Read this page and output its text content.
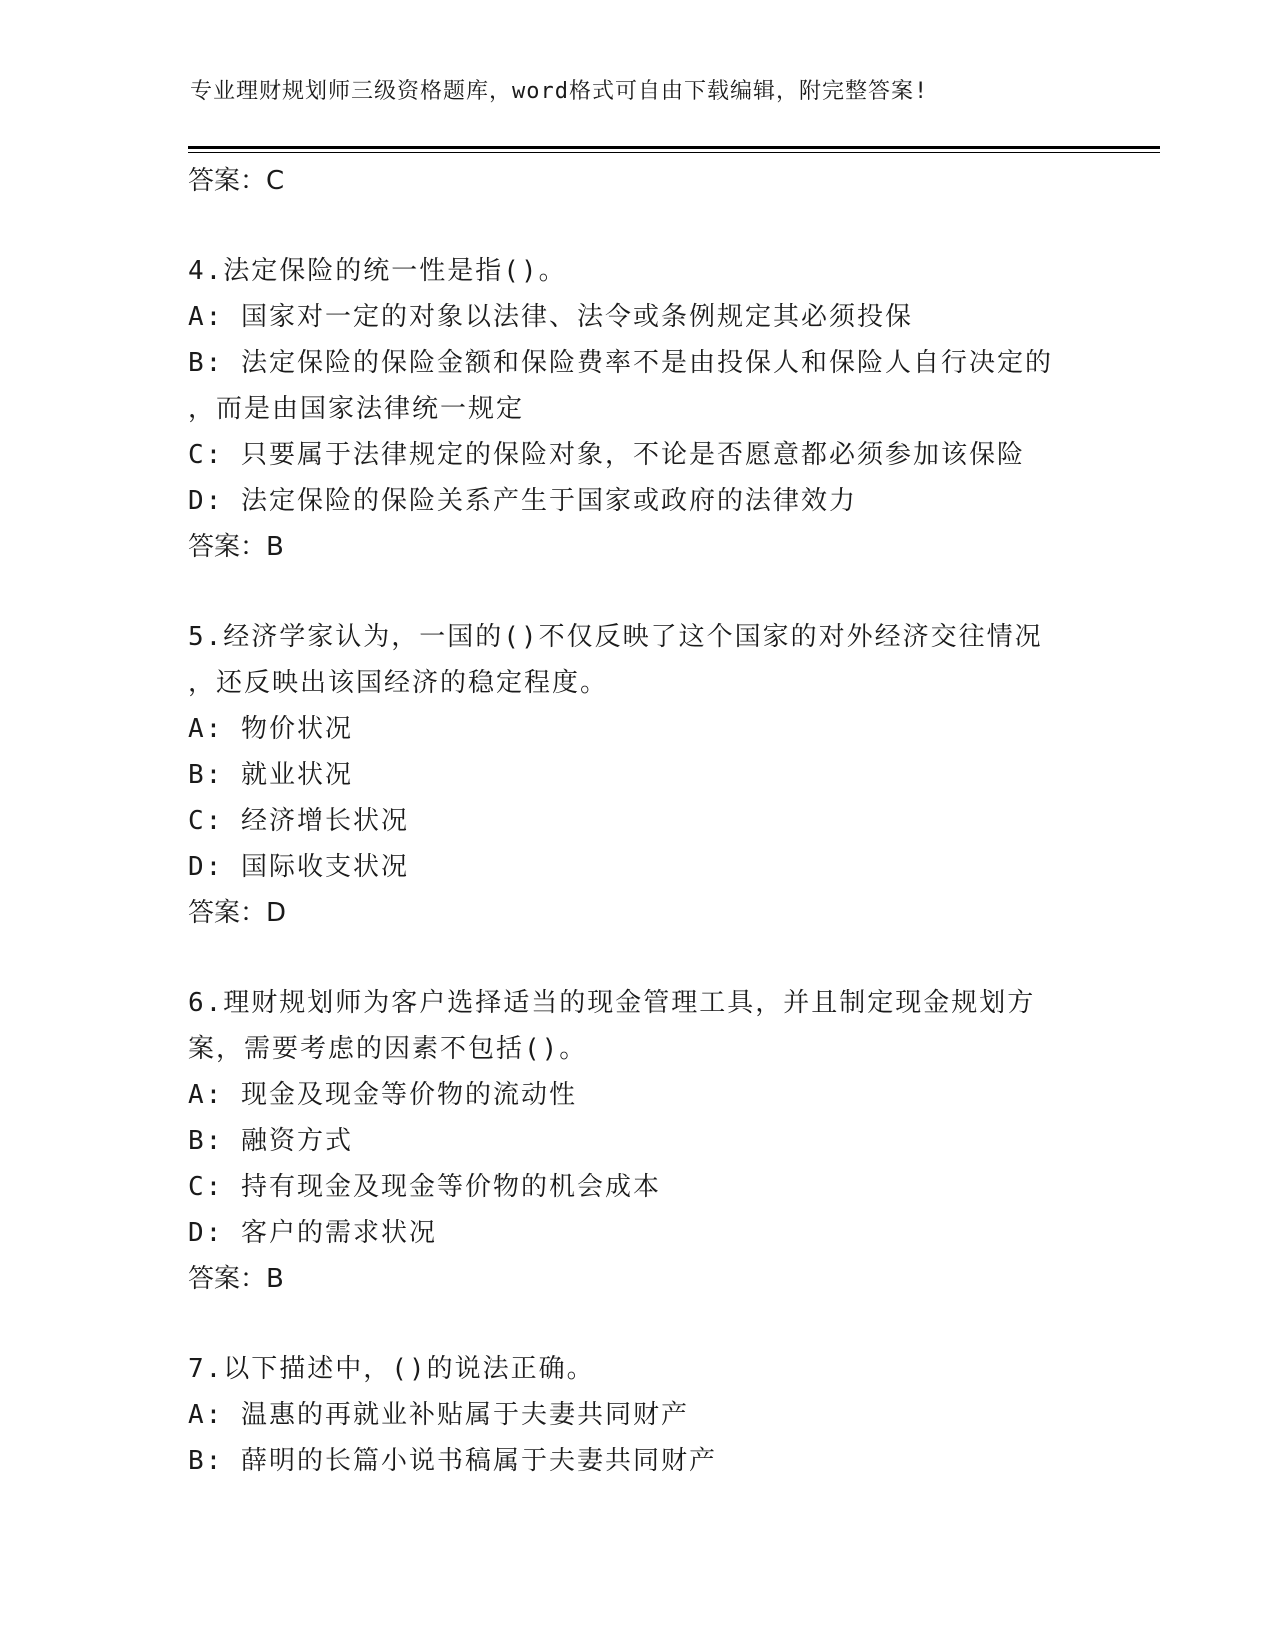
专业理财规划师三级资格题库，word格式可自由下载编辑，附完整答案!
答案：C
4.法定保险的统一性是指()。
A: 国家对一定的对象以法律、法令或条例规定其必须投保
B: 法定保险的保险金额和保险费率不是由投保人和保险人自行决定的
，而是由国家法律统一规定
C: 只要属于法律规定的保险对象，不论是否愿意都必须参加该保险
D: 法定保险的保险关系产生于国家或政府的法律效力
答案：B
5.经济学家认为，一国的()不仅反映了这个国家的对外经济交往情况
，还反映出该国经济的稳定程度。
A: 物价状况
B: 就业状况
C: 经济增长状况
D: 国际收支状况
答案：D
6.理财规划师为客户选择适当的现金管理工具，并且制定现金规划方
案，需要考虑的因素不包括()。
A: 现金及现金等价物的流动性
B: 融资方式
C: 持有现金及现金等价物的机会成本
D: 客户的需求状况
答案：B
7.以下描述中，()的说法正确。
A: 温惠的再就业补贴属于夫妻共同财产
B: 薛明的长篇小说书稿属于夫妻共同财产
